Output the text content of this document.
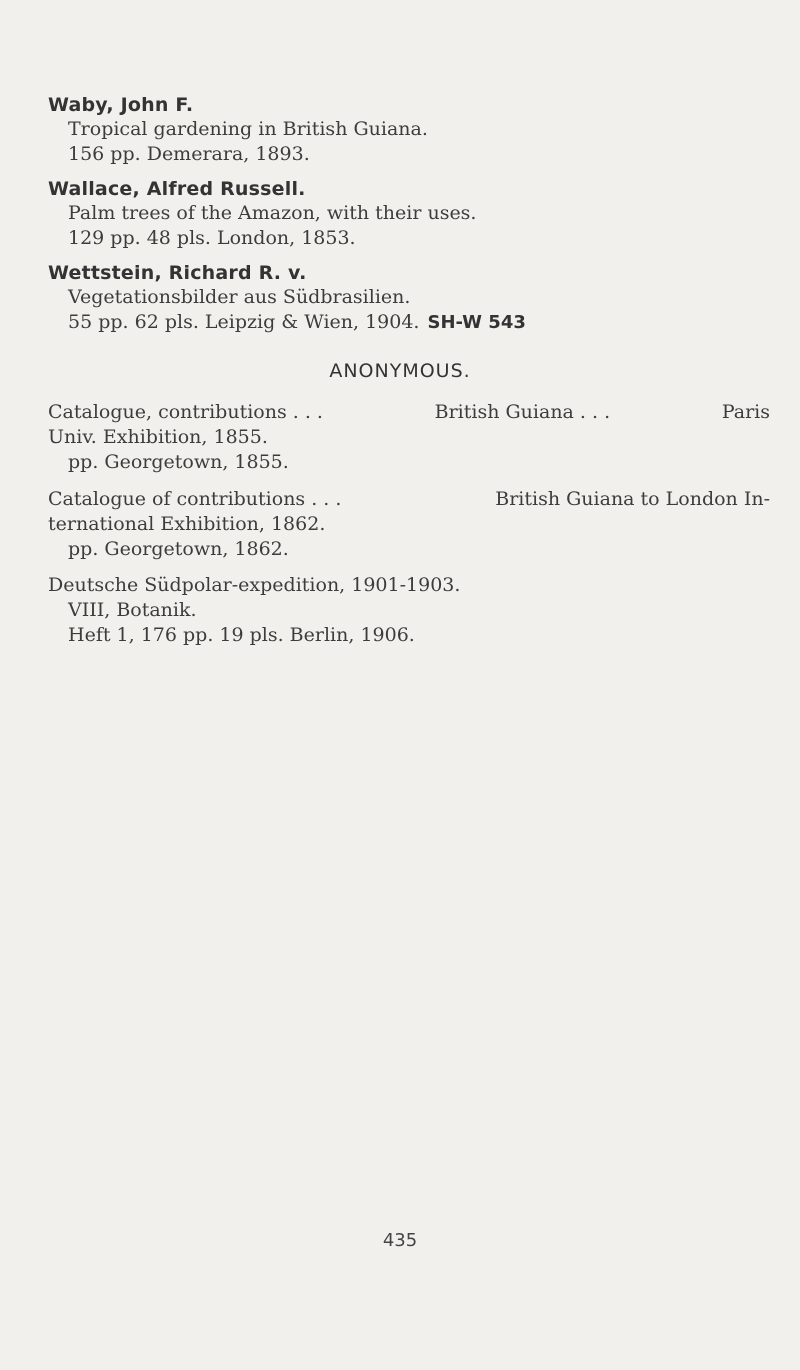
Waby, John F.
Tropical gardening in British Guiana.
156 pp. Demerara, 1893.
Wallace, Alfred Russell.
Palm trees of the Amazon, with their uses.
129 pp. 48 pls. London, 1853.
Wettstein, Richard R. v.
Vegetationsbilder aus Südbrasilien.
55 pp. 62 pls. Leipzig & Wien, 1904. SH-W 543
ANONYMOUS.
Catalogue, contributions . . .	British Guiana . . .	Paris
Univ. Exhibition, 1855.
pp. Georgetown, 1855.
Catalogue of contributions . . .	British Guiana to London In-
ternational Exhibition, 1862.
pp. Georgetown, 1862.
Deutsche Südpolar-expedition, 1901-1903.
VIII, Botanik.
Heft 1, 176 pp. 19 pls. Berlin, 1906.
435
